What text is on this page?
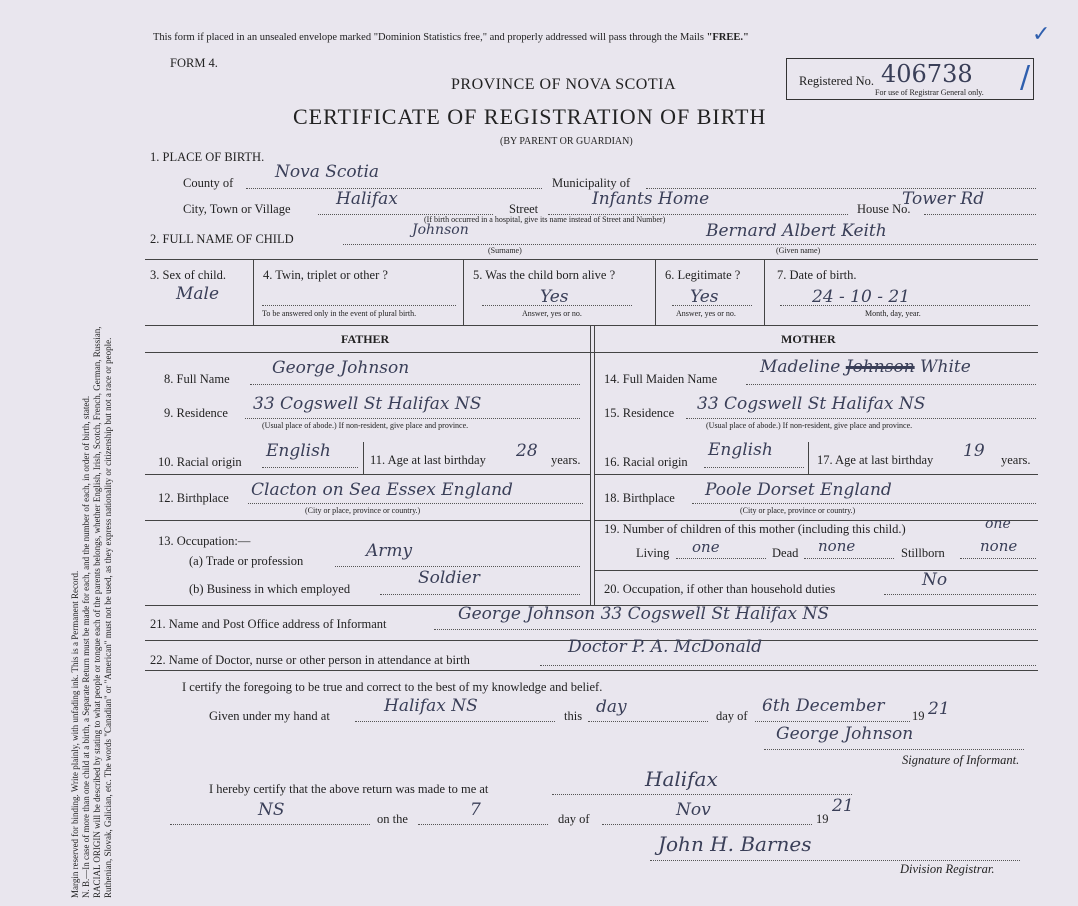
Margin reserved for binding. Write plainly, with unfading ink. This is a Permanent Record. N. B.—In case of more than one child at a birth, a Separate Return must be made for each, and the number of each, in order of birth, stated. RACIAL ORIGIN will be described by stating to what people or tongue each of the parents belongs, whether English, Irish, Scotch, French, German, Russian, Ruthenian, Slovak, Galician, etc. The words "Canadian" or "American" must not be used, as they express nationality or citizenship but not a race or people.
This form if placed in an unsealed envelope marked "Dominion Statistics free," and properly addressed will pass through the Mails "FREE."
FORM 4.
PROVINCE OF NOVA SCOTIA
CERTIFICATE OF REGISTRATION OF BIRTH
(BY PARENT OR GUARDIAN)
Registered No. 406738
For use of Registrar General only.
✓
/
1. PLACE OF BIRTH.
County of
Nova Scotia
Municipality of
City, Town or Village	Halifax	Street	Infants Home	House No.
Tower Rd
(If birth occurred in a hospital, give its name instead of Street and Number)
2. FULL NAME OF CHILD
Johnson
(Surname)
Bernard Albert Keith
(Given name)
3. Sex of child.
Male
4. Twin, triplet or other ?
To be answered only in the event of plural birth.
5. Was the child born alive ?
Yes
Answer, yes or no.
6. Legitimate ?
Yes
Answer, yes or no.
7. Date of birth.
24 - 10 - 21
Month, day, year.
FATHER	MOTHER
8. Full Name
George Johnson
9. Residence 33 Cogswell St Halifax NS
(Usual place of abode.) If non-resident, give place and province.
10. Racial origin
English	11. Age at last birthday 28 years.
12. Birthplace Clacton on Sea Essex England
(City or place, province or country.)
13. Occupation:—
(a) Trade or profession	Army
(b) Business in which employed
Soldier
14. Full Maiden Name
Madeline Johnson White
15. Residence 33 Cogswell St Halifax NS
(Usual place of abode.) If non-resident, give place and province.
16. Racial origin
English	17. Age at last birthday 19 years.
18. Birthplace Poole Dorset England
(City or place, province or country.)
19. Number of children of this mother (including this child.)	one
Living one	Dead none	Stillborn none
20. Occupation, if other than household duties	No
21. Name and Post Office address of Informant	George Johnson 33 Cogswell St Halifax NS
22. Name of Doctor, nurse or other person in attendance at birth
Doctor P. A. McDonald
I certify the foregoing to be true and correct to the best of my knowledge and belief.
Given under my hand at	Halifax NS	this day	day of 6th December 19 21
George Johnson
Signature of Informant.
I hereby certify that the above return was made to me at	Halifax
NS	on the	7	day of	Nov	19
21
John H. Barnes
Division Registrar.
